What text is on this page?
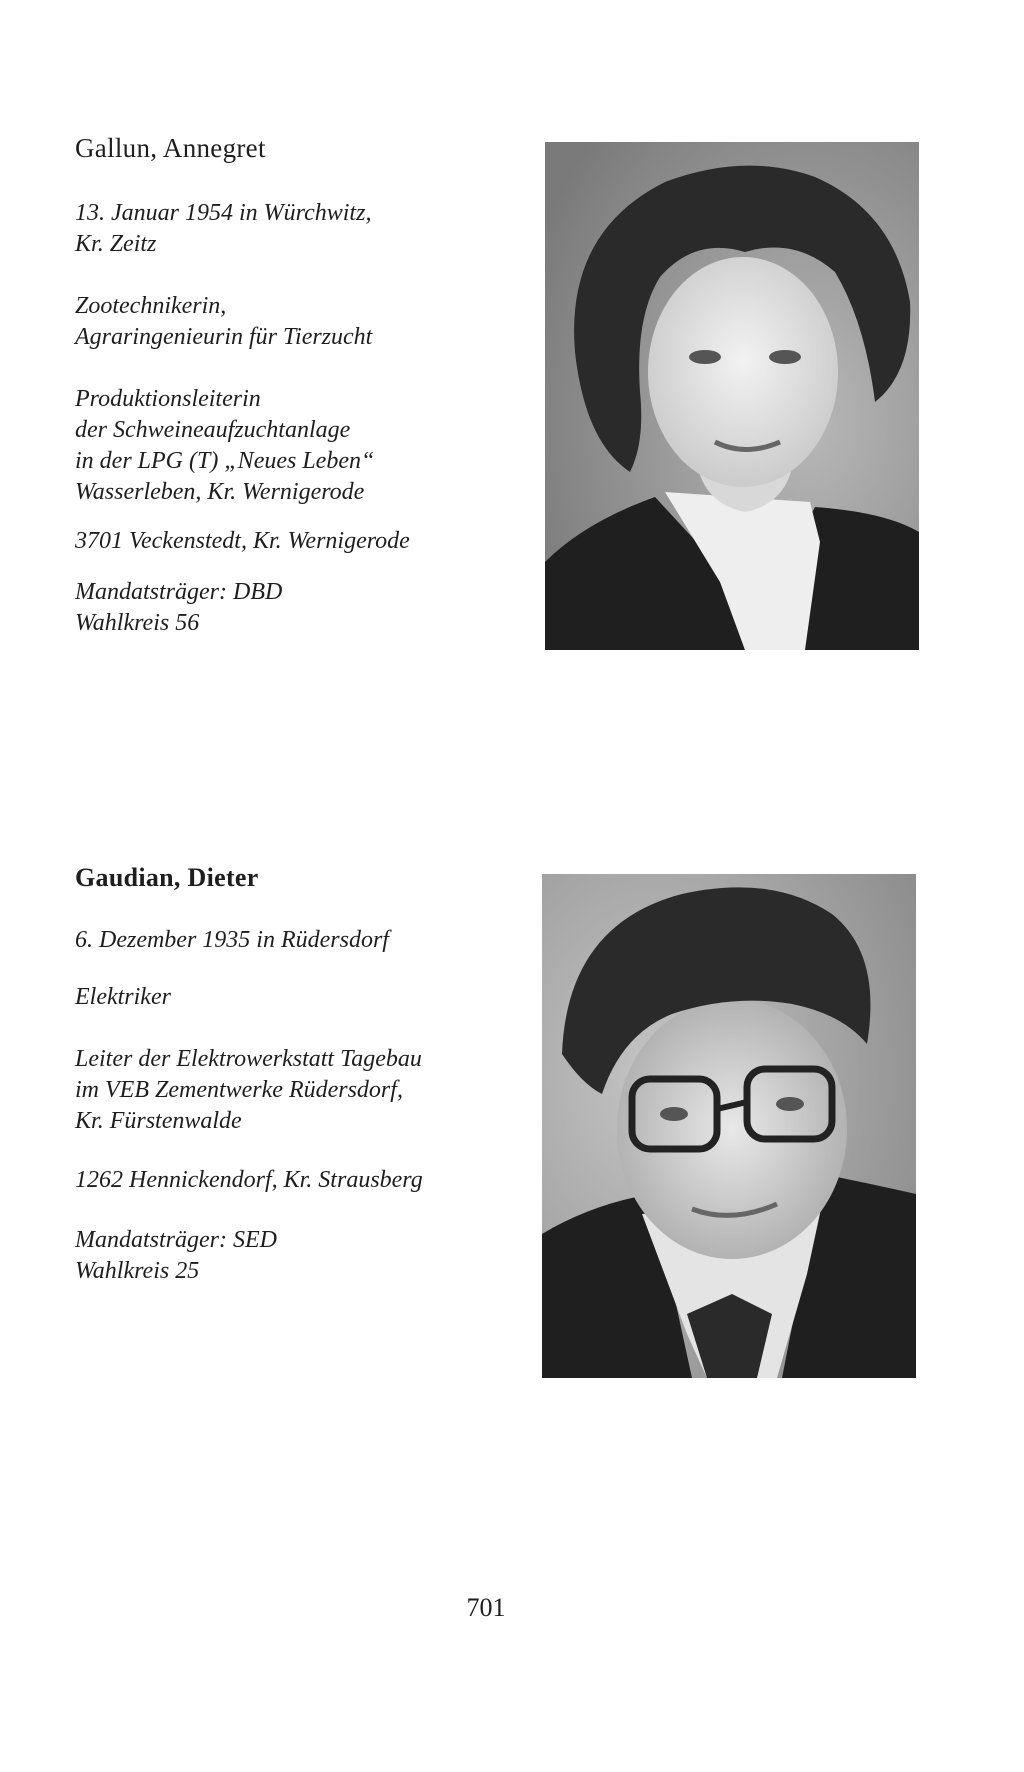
Gallun, Annegret

13. Januar 1954 in Würchwitz,
Kr. Zeitz

Zootechnikerin,
Agraringenieurin für Tierzucht

Produktionsleiterin
der Schweineaufzuchtanlage
in der LPG (T) „Neues Leben“
Wasserleben, Kr. Wernigerode

3701 Veckenstedt, Kr. Wernigerode

Mandatsträger: DBD
Wahlkreis 56

Gaudian, Dieter

6. Dezember 1935 in Rüdersdorf

Elektriker

Leiter der Elektrowerkstatt Tagebau
im VEB Zementwerke Rüdersdorf,
Kr. Fürstenwalde

1262 Hennickendorf, Kr. Strausberg

Mandatsträger: SED
Wahlkreis 25

701
